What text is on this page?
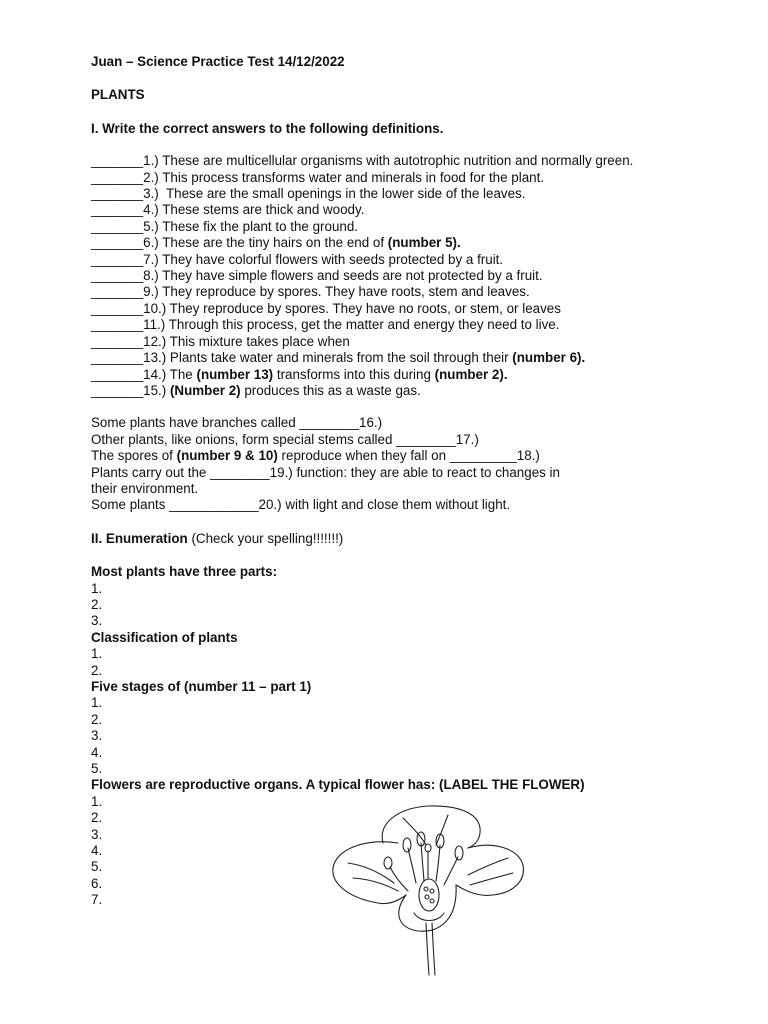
Juan – Science Practice Test 14/12/2022
PLANTS
I. Write the correct answers to the following definitions.
_______1.) These are multicellular organisms with autotrophic nutrition and normally green.
_______2.) This process transforms water and minerals in food for the plant.
_______3.)  These are the small openings in the lower side of the leaves.
_______4.) These stems are thick and woody.
_______5.) These fix the plant to the ground.
_______6.) These are the tiny hairs on the end of (number 5).
_______7.) They have colorful flowers with seeds protected by a fruit.
_______8.) They have simple flowers and seeds are not protected by a fruit.
_______9.) They reproduce by spores. They have roots, stem and leaves.
_______10.) They reproduce by spores. They have no roots, or stem, or leaves
_______11.) Through this process, get the matter and energy they need to live.
_______12.) This mixture takes place when
_______13.) Plants take water and minerals from the soil through their (number 6).
_______14.) The (number 13) transforms into this during (number 2).
_______15.) (Number 2) produces this as a waste gas.
Some plants have branches called ________16.)
Other plants, like onions, form special stems called ________17.)
The spores of (number 9 & 10) reproduce when they fall on _________18.)
Plants carry out the ________19.) function: they are able to react to changes in
their environment.
Some plants ____________20.) with light and close them without light.
II. Enumeration (Check your spelling!!!!!!!)
Most plants have three parts:
1.
2.
3.
Classification of plants
1.
2.
Five stages of (number 11 – part 1)
1.
2.
3.
4.
5.
Flowers are reproductive organs. A typical flower has: (LABEL THE FLOWER)
1.
2.
3.
4.
5.
6.
7.
